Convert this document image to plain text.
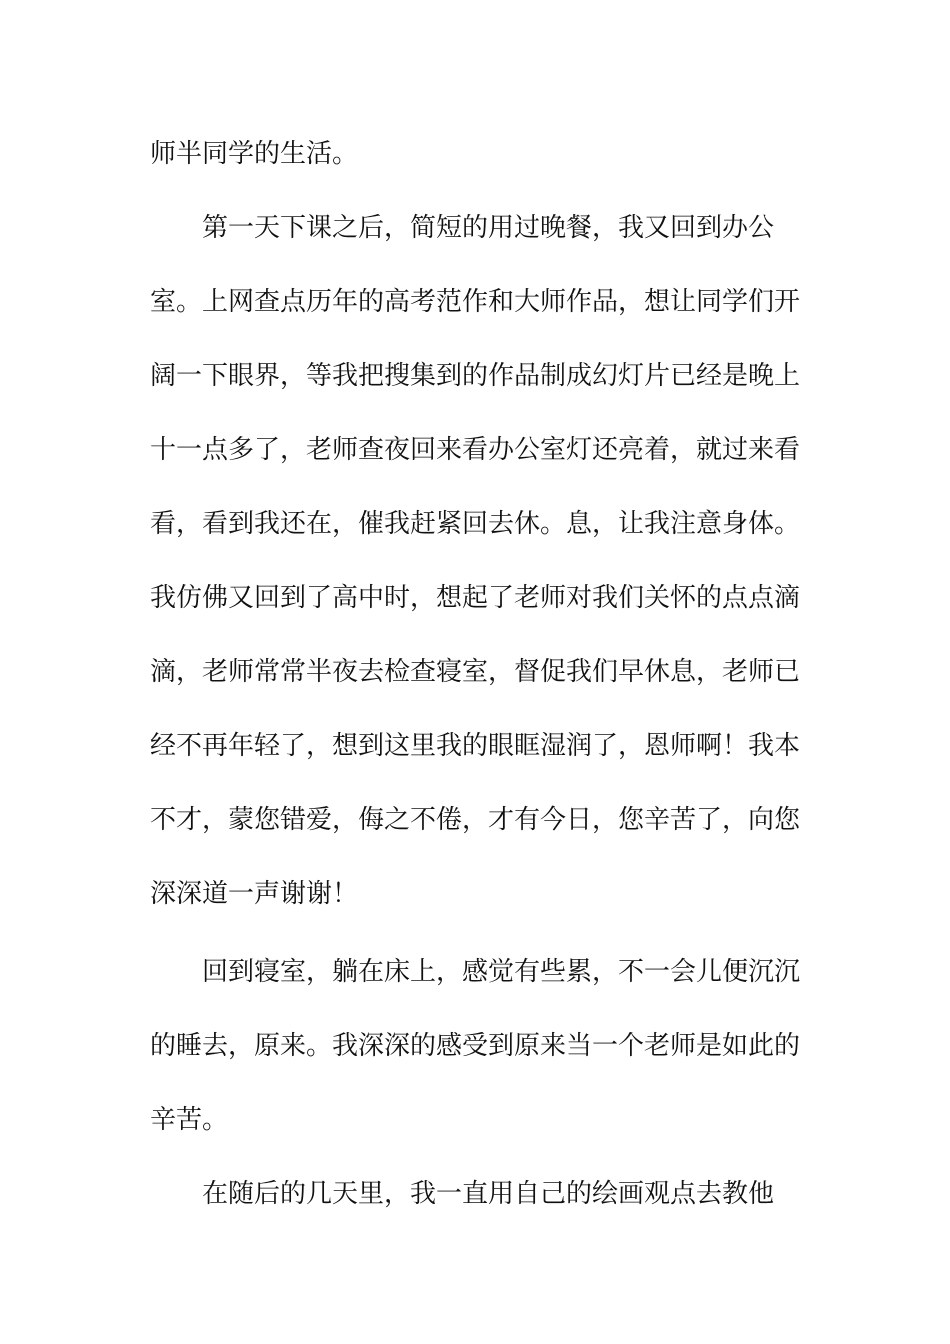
师半同学的生活。
第一天下课之后，简短的用过晚餐，我又回到办公
室。上网查点历年的高考范作和大师作品，想让同学们开
阔一下眼界，等我把搜集到的作品制成幻灯片已经是晚上
十一点多了，老师查夜回来看办公室灯还亮着，就过来看
看，看到我还在，催我赶紧回去休。息，让我注意身体。
我仿佛又回到了高中时，想起了老师对我们关怀的点点滴
滴，老师常常半夜去检查寝室，督促我们早休息，老师已
经不再年轻了，想到这里我的眼眶湿润了，恩师啊！我本
不才，蒙您错爱，侮之不倦，才有今日，您辛苦了，向您
深深道一声谢谢！
回到寝室，躺在床上，感觉有些累，不一会儿便沉沉
的睡去，原来。我深深的感受到原来当一个老师是如此的
辛苦。
在随后的几天里，我一直用自己的绘画观点去教他
